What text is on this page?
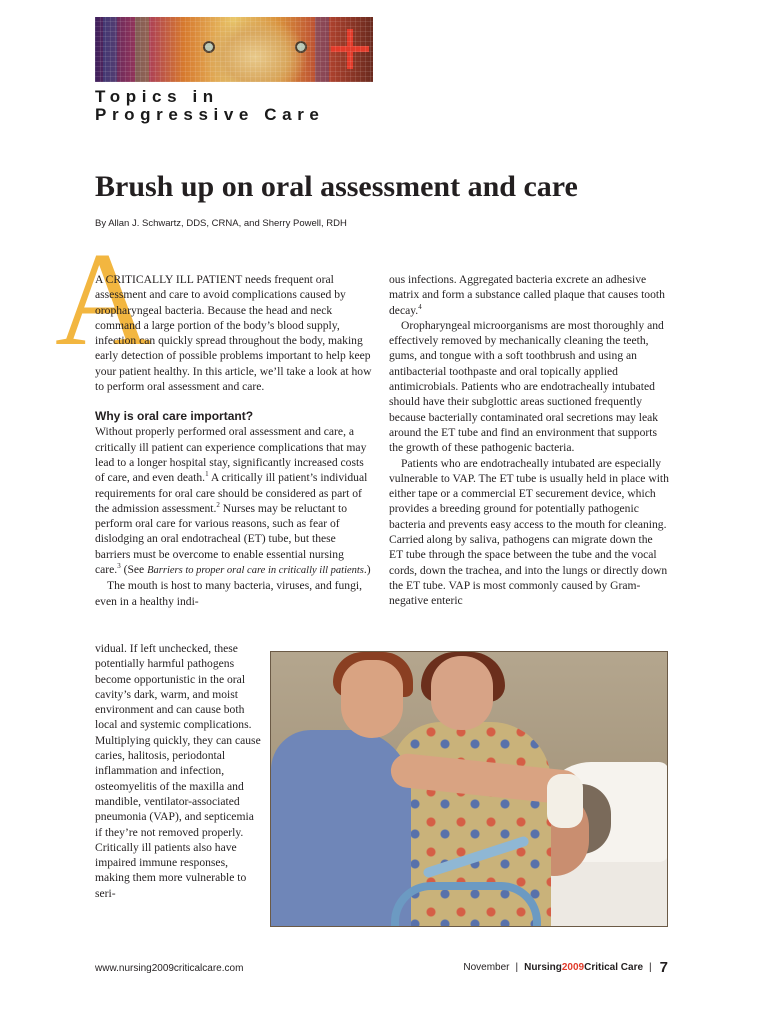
Topics in
Progressive Care
Brush up on oral assessment and care
By Allan J. Schwartz, DDS, CRNA, and Sherry Powell, RDH
A

A CRITICALLY ILL PATIENT needs frequent oral assessment and care to avoid complications caused by oropharyngeal bacteria. Because the head and neck command a large portion of the body’s blood supply, infection can quickly spread throughout the body, making early detection of possible problems important to help keep your patient healthy. In this article, we’ll take a look at how to perform oral assessment and care.

Why is oral care important?

Without properly performed oral assessment and care, a critically ill patient can experience complications that may lead to a longer hospital stay, significantly increased costs of care, and even death.$^1$ A critically ill patient’s individual requirements for oral care should be considered as part of the admission assessment.$^2$ Nurses may be reluctant to perform oral care for various reasons, such as fear of dislodging an oral endotracheal (ET) tube, but these barriers must be overcome to enable essential nursing care.$^3$ (See Barriers to proper oral care in critically ill patients.)

The mouth is host to many bacteria, viruses, and fungi, even in a healthy indi-

vidual. If left unchecked, these potentially harmful pathogens become opportunistic in the oral cavity’s dark, warm, and moist environment and can cause both local and systemic complications. Multiplying quickly, they can cause caries, halitosis, periodontal inflammation and infection, osteomyelitis of the maxilla and mandible, ventilator-associated pneumonia (VAP), and septicemia if they’re not removed properly. Critically ill patients also have impaired immune responses, making them more vulnerable to seri-

ous infections. Aggregated bacteria excrete an adhesive matrix and form a substance called plaque that causes tooth decay.$^4$

Oropharyngeal microorganisms are most thoroughly and effectively removed by mechanically cleaning the teeth, gums, and tongue with a soft toothbrush and using an antibacterial toothpaste and oral topically applied antimicrobials. Patients who are endotracheally intubated should have their subglottic areas suctioned frequently because bacterially contaminated oral secretions may leak around the ET tube and find an environment that supports the growth of these pathogenic bacteria.

Patients who are endotracheally intubated are especially vulnerable to VAP. The ET tube is usually held in place with either tape or a commercial ET securement device, which provides a breeding ground for potentially pathogenic bacteria and prevents easy access to the mouth for cleaning. Carried along by saliva, pathogens can migrate down the ET tube through the space between the tube and the vocal cords, down the trachea, and into the lungs or directly down the ET tube. VAP is most commonly caused by Gram-negative enteric

www.nursing2009criticalcare.com	November | Nursing2009Critical Care | 7
